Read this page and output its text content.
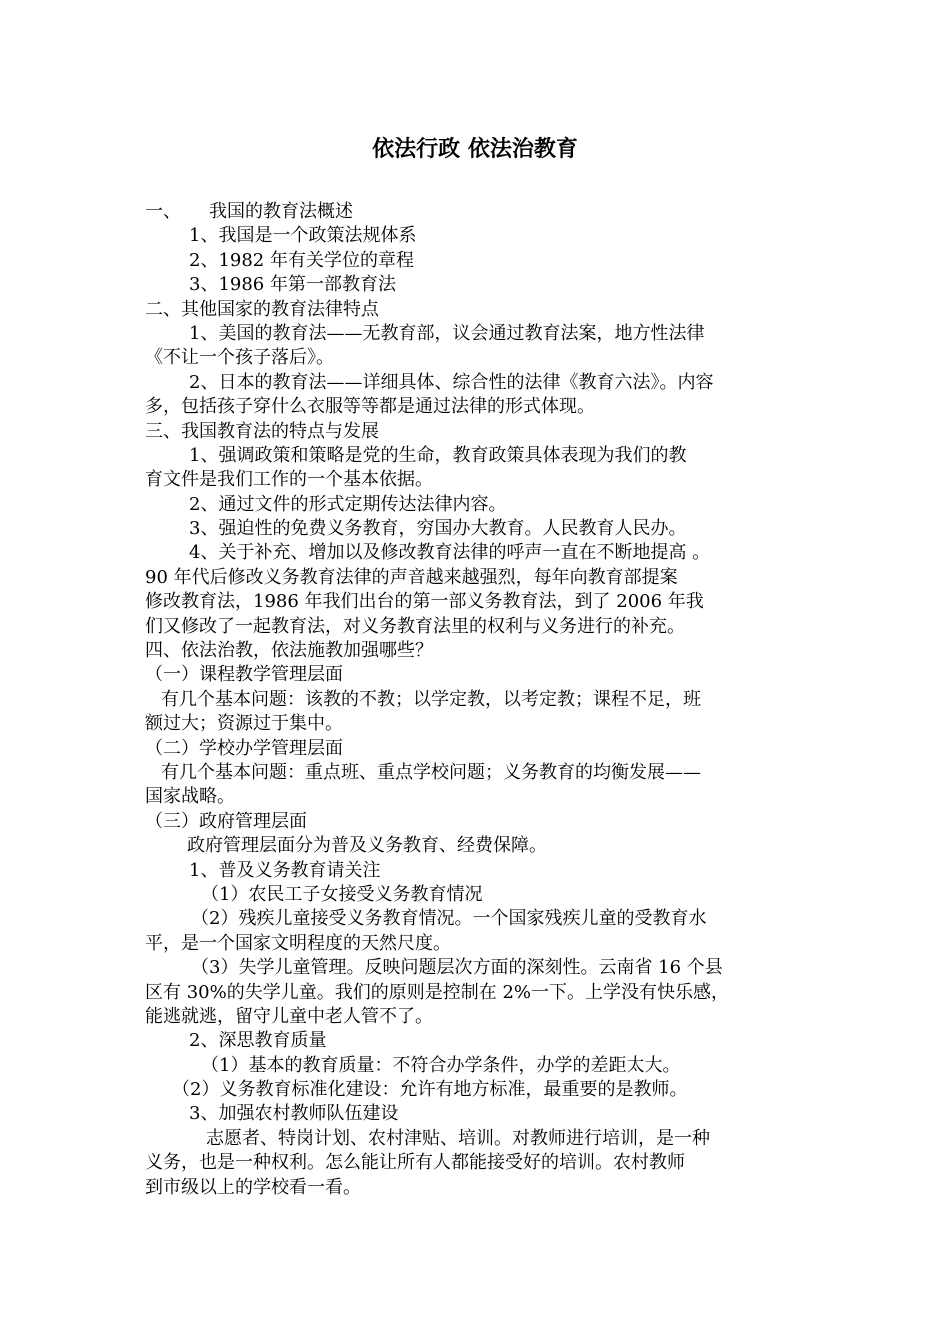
依法行政 依法治教育
一、 我国的教育法概述
1、我国是一个政策法规体系
2、1982 年有关学位的章程
3、1986 年第一部教育法
二、其他国家的教育法律特点
1、美国的教育法——无教育部，议会通过教育法案，地方性法律
《不让一个孩子落后》。
2、日本的教育法——详细具体、综合性的法律《教育六法》。内容
多，包括孩子穿什么衣服等等都是通过法律的形式体现。
三、我国教育法的特点与发展
1、强调政策和策略是党的生命，教育政策具体表现为我们的教
育文件是我们工作的一个基本依据。
2、通过文件的形式定期传达法律内容。
3、强迫性的免费义务教育，穷国办大教育。人民教育人民办。
4、关于补充、增加以及修改教育法律的呼声一直在不断地提高 。
90 年代后修改义务教育法律的声音越来越强烈，每年向教育部提案
修改教育法，1986 年我们出台的第一部义务教育法，到了 2006 年我
们又修改了一起教育法，对义务教育法里的权利与义务进行的补充。
四、依法治教，依法施教加强哪些？
（一）课程教学管理层面
有几个基本问题：该教的不教；以学定教，以考定教；课程不足，班
额过大；资源过于集中。
（二）学校办学管理层面
有几个基本问题：重点班、重点学校问题；义务教育的均衡发展——
国家战略。
（三）政府管理层面
政府管理层面分为普及义务教育、经费保障。
1、普及义务教育请关注
（1）农民工子女接受义务教育情况
（2）残疾儿童接受义务教育情况。一个国家残疾儿童的受教育水
平，是一个国家文明程度的天然尺度。
（3）失学儿童管理。反映问题层次方面的深刻性。云南省 16 个县
区有 30%的失学儿童。我们的原则是控制在 2%一下。上学没有快乐感，
能逃就逃，留守儿童中老人管不了。
2、深思教育质量
（1）基本的教育质量：不符合办学条件，办学的差距太大。
（2）义务教育标准化建设：允许有地方标准，最重要的是教师。
3、加强农村教师队伍建设
志愿者、特岗计划、农村津贴、培训。对教师进行培训，是一种
义务，也是一种权利。怎么能让所有人都能接受好的培训。农村教师
到市级以上的学校看一看。
